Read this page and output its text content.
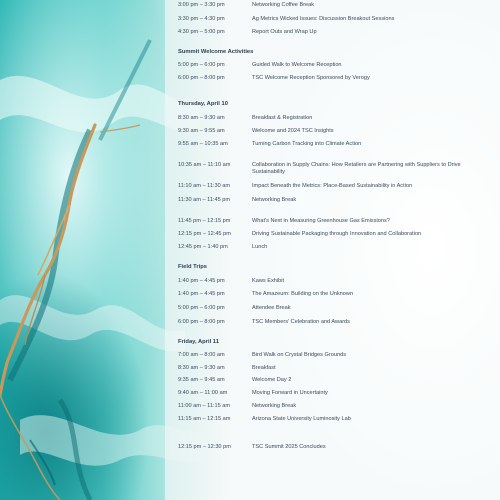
3:00 pm – 3:30 pm	Networking Coffee Break
3:30 pm – 4:30 pm	Ag Metrics Wicked Issues: Discussion Breakout Sessions
4:30 pm – 5:00 pm	Report Outs and Wrap Up
Summit Welcome Activities
5:00 pm – 6:00 pm	Guided Walk to Welcome Reception
6:00 pm – 8:00 pm	TSC Welcome Reception Sponsored by Verogy
Thursday, April 10
8:30 am – 9:30 am	Breakfast & Registration
9:30 am – 9:55 am	Welcome and 2024 TSC Insights
9:55 am – 10:35 am	Turning Carbon Tracking into Climate Action
10:35 am – 11:10 am	Collaboration in Supply Chains: How Retailers are Partnering with Suppliers to Drive Sustainability
11:10 am – 11:30 am	Impact Beneath the Metrics: Place-Based Sustainability in Action
11:30 am – 11:45 pm	Networking Break
11:45 pm – 12:15 pm	What's Next in Measuring Greenhouse Gas Emissions?
12:15 pm – 12:45 pm	Driving Sustainable Packaging through Innovation and Collaboration
12:45 pm – 1:40 pm	Lunch
Field Trips
1:40 pm – 4:45 pm	Kaws Exhibit
1:40 pm – 4:45 pm	The Amazeum: Building on the Unknown
5:00 pm – 6:00 pm	Attendee Break
6:00 pm – 8:00 pm	TSC Members' Celebration and Awards
Friday, April 11
7:00 am – 8:00 am	Bird Walk on Crystal Bridges Grounds
8:30 am – 9:30 am	Breakfast
9:35 am – 9:45 am	Welcome Day 2
9:40 am – 11:00 am	Moving Forward in Uncertainty
11:00 am – 11:15 am	Networking Break
11:15 am – 12:15 am	Arizona State University Luminosity Lab
12:15 pm – 12:30 pm	TSC Summit 2025 Concludes
